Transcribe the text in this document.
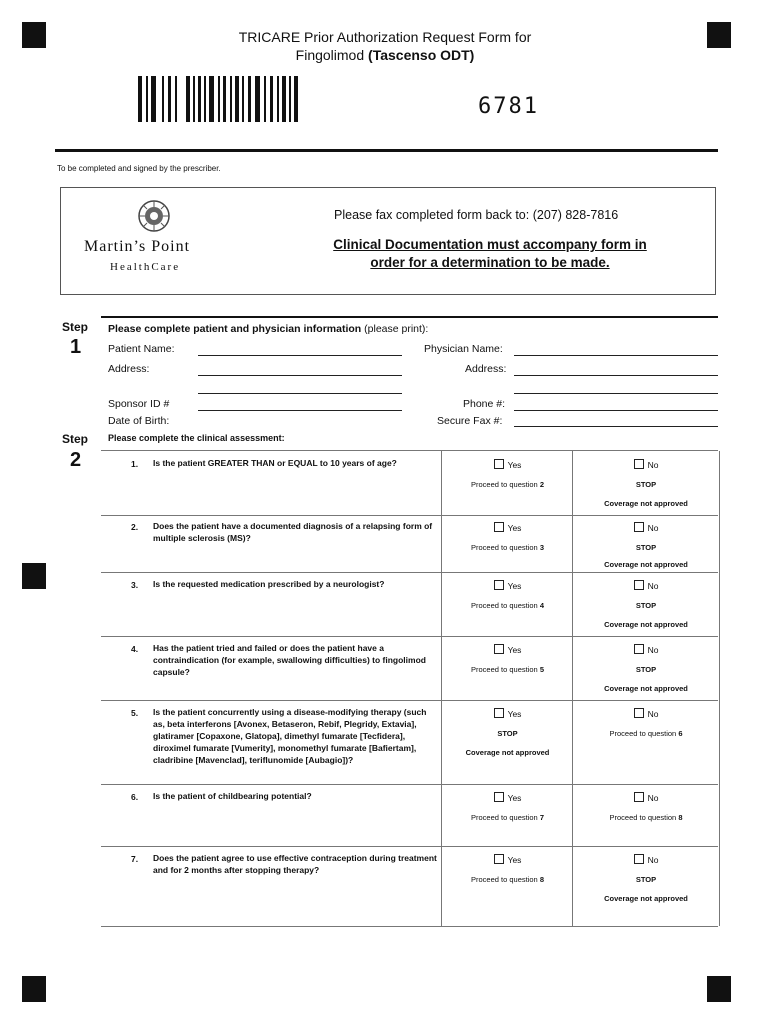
TRICARE Prior Authorization Request Form for
Fingolimod (Tascenso ODT)
6781
To be completed and signed by the prescriber.
Martin’s Point
HealthCare
Please fax completed form back to: (207) 828-7816
Clinical Documentation must accompany form in
order for a determination to be made.
Step
1
Please complete patient and physician information (please print):
Patient Name:
Address:
Sponsor ID #
Date of Birth:
Physician Name:
Address:
Phone #:
Secure Fax #:
Step
2
Please complete the clinical assessment:
1. Is the patient GREATER THAN or EQUAL to 10 years of age?	Yes
Proceed to question 2
No
STOP
Coverage not approved
2. Does the patient have a documented diagnosis of a relapsing form of multiple sclerosis (MS)?
Yes
Proceed to question 3
No
STOP
Coverage not approved
3. Is the requested medication prescribed by a neurologist?	Yes
Proceed to question 4
No
STOP
Coverage not approved
4. Has the patient tried and failed or does the patient have a contraindication (for example, swallowing difficulties) to fingolimod capsule?
Yes
Proceed to question 5
No
STOP
Coverage not approved
5. Is the patient concurrently using a disease-modifying therapy (such as, beta interferons [Avonex, Betaseron, Rebif, Plegridy, Extavia], glatiramer [Copaxone, Glatopa], dimethyl fumarate [Tecfidera], diroximel fumarate [Vumerity], monomethyl fumarate [Bafiertam], cladribine [Mavenclad], teriflunomide [Aubagio])?
Yes
STOP
Coverage not approved
No
Proceed to question 6
6. Is the patient of childbearing potential?	Yes
Proceed to question 7
No
Proceed to question 8
7. Does the patient agree to use effective contraception during treatment and for 2 months after stopping therapy?
Yes
Proceed to question 8
No
STOP
Coverage not approved
